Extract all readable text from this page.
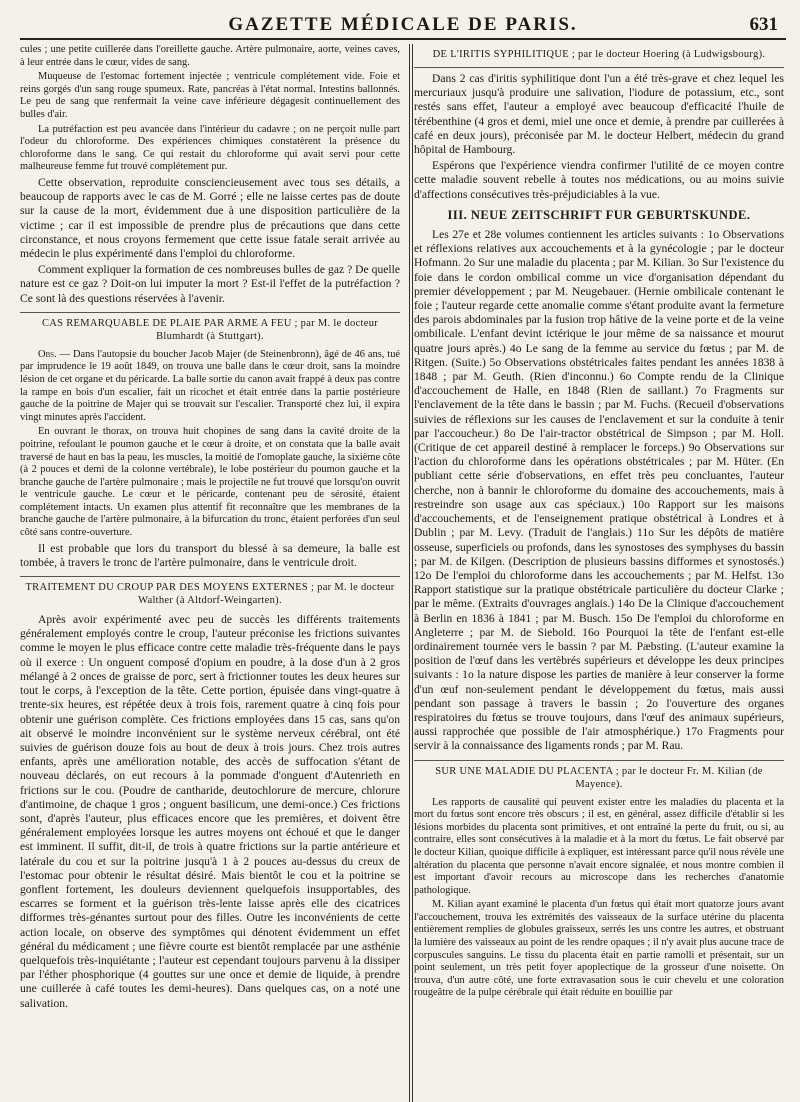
GAZETTE MÉDICALE DE PARIS.	631

cules ; une petite cuillerée dans l'oreillette gauche. Artère pulmonaire, aorte, veines caves, à leur entrée dans le cœur, vides de sang.

Muqueuse de l'estomac fortement injectée ; ventricule complétement vide. Foie et reins gorgés d'un sang rouge spumeux. Rate, pancréas à l'état normal. Intestins ballonnés. Le peu de sang que renfermait la veine cave inférieure dégagesit continuellement des bulles d'air.

La putréfaction est peu avancée dans l'intérieur du cadavre ; on ne perçoit nulle part l'odeur du chloroforme. Des expériences chimiques constatèrent la présence du chloroforme dans le sang. Ce qui restait du chloroforme qui avait servi pour cette malheureuse femme fut trouvé complétement pur.

Cette observation, reproduite consciencieusement avec tous ses détails, a beaucoup de rapports avec le cas de M. Gorré ; elle ne laisse certes pas de doute sur la cause de la mort, évidemment due à une disposition particulière de la victime ; car il est impossible de prendre plus de précautions que dans cette circonstance, et nous croyons fermement que cette issue fatale serait arrivée au médecin le plus expérimenté dans l'emploi du chloroforme.

Comment expliquer la formation de ces nombreuses bulles de gaz ? De quelle nature est ce gaz ? Doit-on lui imputer la mort ? Est-il l'effet de la putréfaction ? Ce sont là des questions réservées à l'avenir.

CAS REMARQUABLE DE PLAIE PAR ARME A FEU ; par M. le docteur Blumhardt (à Stuttgart).

Obs. — Dans l'autopsie du boucher Jacob Majer (de Steinenbronn), âgé de 46 ans, tué par imprudence le 19 août 1849, on trouva une balle dans le cœur droit, sans la moindre lésion de cet organe et du péricarde. La balle sortie du canon avait frappé à deux pas contre la rampe en bois d'un escalier, fait un ricochet et était entrée dans la partie postérieure gauche de la poitrine de Majer qui se trouvait sur l'escalier. Transporté chez lui, il expira vingt minutes après l'accident.

En ouvrant le thorax, on trouva huit chopines de sang dans la cavité droite de la poitrine, refoulant le poumon gauche et le cœur à droite, et on constata que la balle avait traversé de haut en bas la peau, les muscles, la moitié de l'omoplate gauche, la sixième côte (à 2 pouces et demi de la colonne vertébrale), le lobe postérieur du poumon gauche et la branche gauche de l'artère pulmonaire ; mais le projectile ne fut trouvé que lorsqu'on ouvrit le ventricule gauche. Le cœur et le péricarde, contenant peu de sérosité, étaient complétement intacts. Un examen plus attentif fit reconnaître que les membranes de la branche gauche de l'artère pulmonaire, à la bifurcation du tronc, étaient perforées d'un seul côté sans contre-ouverture.

Il est probable que lors du transport du blessé à sa demeure, la balle est tombée, à travers le tronc de l'artère pulmonaire, dans le ventricule droit.

TRAITEMENT DU CROUP PAR DES MOYENS EXTERNES ; par M. le docteur Walther (à Altdorf-Weingarten).

Après avoir expérimenté avec peu de succès les différents traitements généralement employés contre le croup, l'auteur préconise les frictions suivantes comme le moyen le plus efficace contre cette maladie très-fréquente dans le pays où il exerce : Un onguent composé d'opium en poudre, à la dose d'un à 2 gros mélangé à 2 onces de graisse de porc, sert à frictionner toutes les deux heures sur tout le corps, à l'exception de la tête. Cette portion, épuisée dans vingt-quatre à trente-six heures, est répétée deux à trois fois, rarement quatre à cinq fois pour obtenir une guérison complète. Ces frictions employées dans 15 cas, sans qu'on ait observé le moindre inconvénient sur le système nerveux cérébral, ont été suivies de guérison douze fois au bout de deux à trois jours. Chez trois autres enfants, après une amélioration notable, des accès de suffocation s'étant de nouveau déclarés, on eut recours à la pommade d'onguent d'Autenrieth en frictions sur le cou. (Poudre de cantharide, deutochlorure de mercure, chlorure d'antimoine, de chaque 1 gros ; onguent basilicum, une demi-once.) Ces frictions sont, d'après l'auteur, plus efficaces encore que les premières, et doivent être généralement employées lorsque les autres moyens ont échoué et que le danger est imminent. Il suffit, dit-il, de trois à quatre frictions sur la partie antérieure et latérale du cou et sur la poitrine jusqu'à 1 à 2 pouces au-dessus du creux de l'estomac pour obtenir le résultat désiré. Mais bientôt le cou et la poitrine se gonflent fortement, les douleurs deviennent quelquefois insupportables, des escarres se forment et la guérison très-lente laisse après elle des cicatrices difformes très-génantes surtout pour des filles. Outre les inconvénients de cette action locale, on observe des symptômes qui dénotent évidemment un effet général du médicament ; une fièvre courte est bientôt remplacée par une asthénie quelquefois très-inquiétante ; l'auteur est cependant toujours parvenu à la dissiper par l'éther phosphorique (4 gouttes sur une once et demie de liquide, à prendre une cuillerée à café toutes les demi-heures). Dans quelques cas, on a noté une salivation.

DE L'IRITIS SYPHILITIQUE ; par le docteur Hoering (à Ludwigsbourg).

Dans 2 cas d'iritis syphilitique dont l'un a été très-grave et chez lequel les mercuriaux jusqu'à produire une salivation, l'iodure de potassium, etc., sont restés sans effet, l'auteur a employé avec beaucoup d'efficacité l'huile de térébenthine (4 gros et demi, miel une once et demie, à prendre par cuillerées à café en deux jours), préconisée par M. le docteur Helbert, médecin du grand hôpital de Hambourg.

Espérons que l'expérience viendra confirmer l'utilité de ce moyen contre cette maladie souvent rebelle à toutes nos médications, ou au moins suivie d'affections consécutives très-préjudiciables à la vue.

III. NEUE ZEITSCHRIFT FUR GEBURTSKUNDE.

Les 27e et 28e volumes contiennent les articles suivants : 1o Observations et réflexions relatives aux accouchements et à la gynécologie ; par le docteur Hofmann. 2o Sur une maladie du placenta ; par M. Kilian. 3o Sur l'existence du foie dans le cordon ombilical comme un vice d'organisation dépendant du premier développement ; par M. Neugebauer. (Hernie ombilicale contenant le foie ; l'auteur regarde cette anomalie comme s'étant produite avant la fermeture des parois abdominales par la fusion trop hâtive de la veine porte et de la veine ombilicale. L'enfant devint ictérique le jour même de sa naissance et mourut quatre jours après.) 4o Le sang de la femme au service du fœtus ; par M. de Ritgen. (Suite.) 5o Observations obstétricales faites pendant les années 1838 à 1848 ; par M. Geuth. (Rien d'inconnu.) 6o Compte rendu de la Clinique d'accouchement de Halle, en 1848 (Rien de saillant.) 7o Fragments sur l'enclavement de la tête dans le bassin ; par M. Fuchs. (Recueil d'observations suivies de réflexions sur les causes de l'enclavement et sur la conduite à tenir par l'accoucheur.) 8o De l'air-tractor obstétrical de Simpson ; par M. Holl. (Critique de cet appareil destiné à remplacer le forceps.) 9o Observations sur l'action du chloroforme dans les opérations obstétricales ; par M. Hüter. (En publiant cette série d'observations, en effet très peu concluantes, l'auteur cherche, non à bannir le chloroforme du domaine des accouchements, mais à restreindre son usage aux cas spéciaux.) 10o Rapport sur les maisons d'accouchements, et de l'enseignement pratique obstétrical à Londres et à Dublin ; par M. Levy. (Traduit de l'anglais.) 11o Sur les dépôts de matière osseuse, superficiels ou profonds, dans les synostoses des symphyses du bassin ; par M. de Kilgen. (Description de plusieurs bassins difformes et synostosés.) 12o De l'emploi du chloroforme dans les accouchements ; par M. Helfst. 13o Rapport statistique sur la pratique obstétricale particulière du docteur Clarke ; par le même. (Extraits d'ouvrages anglais.) 14o De la Clinique d'accouchement à Berlin en 1836 à 1841 ; par M. Busch. 15o De l'emploi du chloroforme en Angleterre ; par M. de Siebold. 16o Pourquoi la tête de l'enfant est-elle ordinairement tournée vers le bassin ? par M. Pæbsting. (L'auteur examine la position de l'œuf dans les vertèbrés supérieurs et développe les deux principes suivants : 1o la nature dispose les parties de manière à leur conserver la forme d'un œuf non-seulement pendant le développement du fœtus, mais aussi pendant son passage à travers le bassin ; 2o l'ouverture des organes respiratoires du fœtus se trouve toujours, dans l'œuf des animaux supérieurs, aussi rapprochée que possible de l'air atmosphérique.) 17o Fragments pour servir à la connaissance des ligaments ronds ; par M. Rau.

SUR UNE MALADIE DU PLACENTA ; par le docteur Fr. M. Kilian (de Mayence).

Les rapports de causalité qui peuvent exister entre les maladies du placenta et la mort du fœtus sont encore très obscurs ; il est, en général, assez difficile d'établir si les lésions morbides du placenta sont primitives, et ont entraîné la perte du fruit, ou si, au contraire, elles sont consécutives à la maladie et à la mort du fœtus. Le fait observé par le docteur Kilian, quoique difficile à expliquer, est intéressant parce qu'il nous révèle une altération du placenta que personne n'avait encore signalée, et nous montre combien il est important d'avoir recours au microscope dans les recherches d'anatomie pathologique.

M. Kilian ayant examiné le placenta d'un fœtus qui était mort quatorze jours avant l'accouchement, trouva les extrémités des vaisseaux de la surface utérine du placenta entièrement remplies de globules graisseux, serrés les uns contre les autres, et obstruant la lumière des vaisseaux au point de les rendre opaques ; il n'y avait plus aucune trace de corpuscules sanguins. Le tissu du placenta était en partie ramolli et présentait, sur un point seulement, un très petit foyer apoplectique de la grosseur d'une noisette. On trouva, d'un autre côté, une forte extravasation sous le cuir chevelu et une coloration rougeâtre de la pulpe cérébrale qui était réduite en bouillie par
